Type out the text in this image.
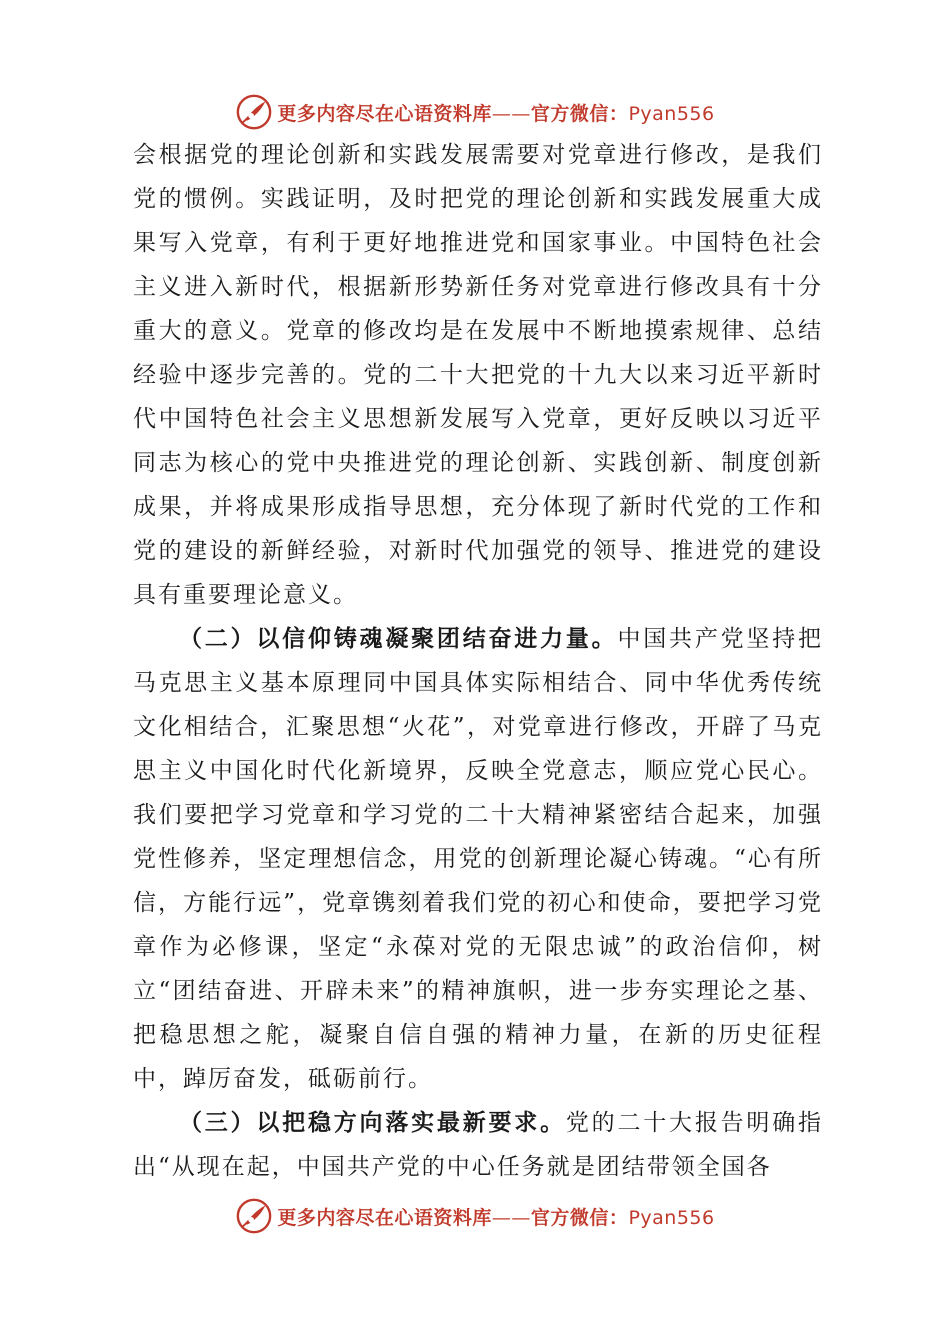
更多内容尽在心语资料库——官方微信：Pyan556

会根据党的理论创新和实践发展需要对党章进行修改，是我们党的惯例。实践证明，及时把党的理论创新和实践发展重大成果写入党章，有利于更好地推进党和国家事业。中国特色社会主义进入新时代，根据新形势新任务对党章进行修改具有十分重大的意义。党章的修改均是在发展中不断地摸索规律、总结经验中逐步完善的。党的二十大把党的十九大以来习近平新时代中国特色社会主义思想新发展写入党章，更好反映以习近平同志为核心的党中央推进党的理论创新、实践创新、制度创新成果，并将成果形成指导思想，充分体现了新时代党的工作和党的建设的新鲜经验，对新时代加强党的领导、推进党的建设具有重要理论意义。

（二）以信仰铸魂凝聚团结奋进力量。中国共产党坚持把马克思主义基本原理同中国具体实际相结合、同中华优秀传统文化相结合，汇聚思想“火花”，对党章进行修改，开辟了马克思主义中国化时代化新境界，反映全党意志，顺应党心民心。我们要把学习党章和学习党的二十大精神紧密结合起来，加强党性修养，坚定理想信念，用党的创新理论凝心铸魂。“心有所信，方能行远”，党章镌刻着我们党的初心和使命，要把学习党章作为必修课，坚定“永葆对党的无限忠诚”的政治信仰，树立“团结奋进、开辟未来”的精神旗帜，进一步夯实理论之基、把稳思想之舵，凝聚自信自强的精神力量，在新的历史征程中，踔厉奋发，砥砺前行。

（三）以把稳方向落实最新要求。党的二十大报告明确指出“从现在起，中国共产党的中心任务就是团结带领全国各

更多内容尽在心语资料库——官方微信：Pyan556
